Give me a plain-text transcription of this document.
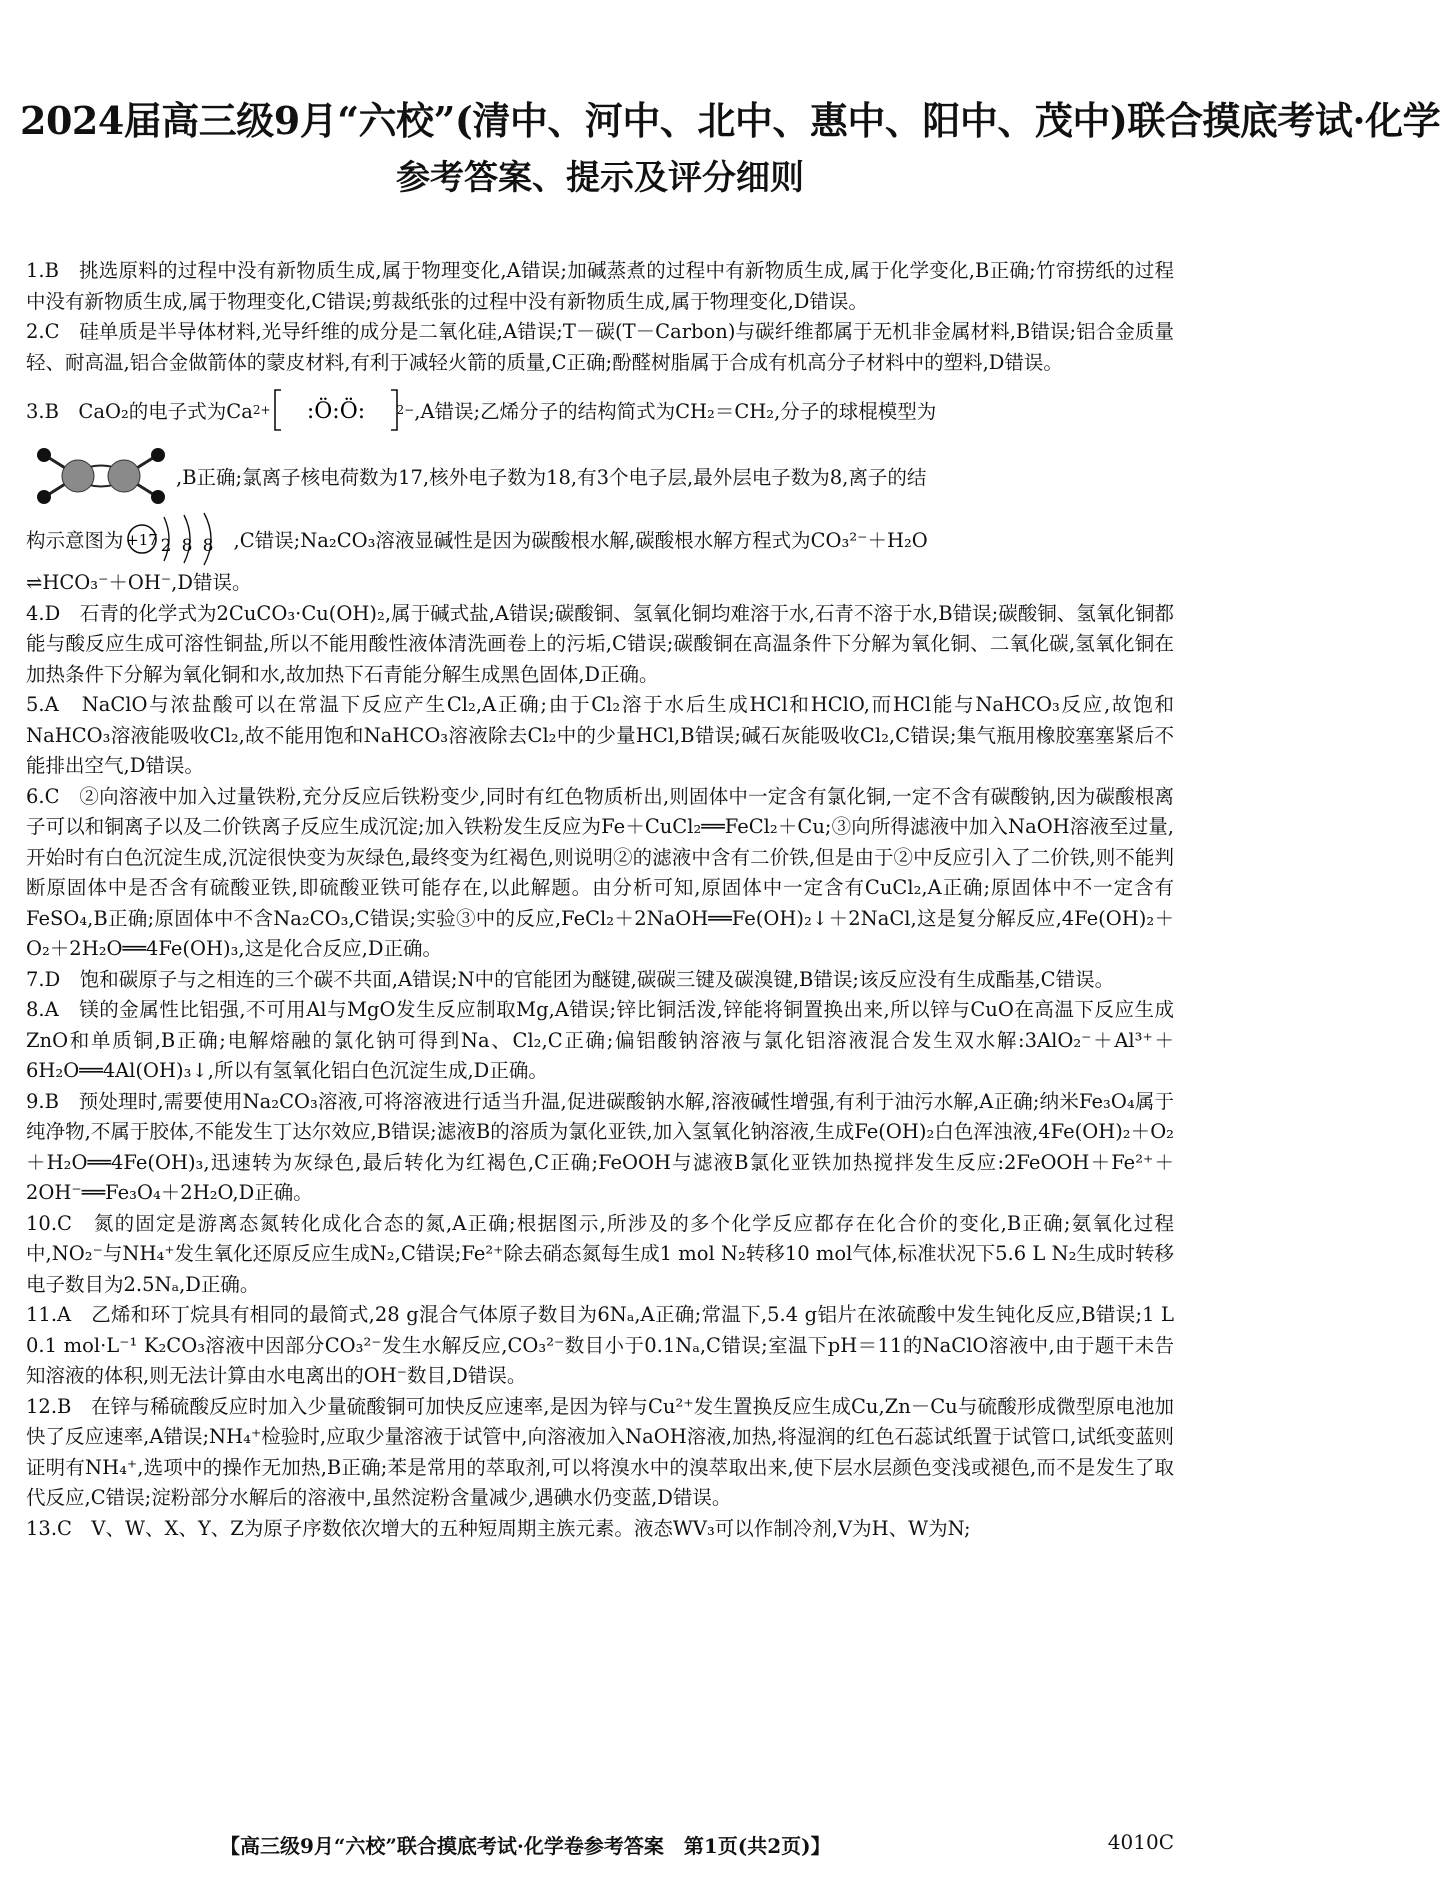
2024届高三级9月“六校”(清中、河中、北中、惠中、阳中、茂中)联合摸底考试·化学
参考答案、提示及评分细则

1.B　挑选原料的过程中没有新物质生成,属于物理变化,A错误;加碱蒸煮的过程中有新物质生成,属于化学变化,B正确;竹帘捞纸的过程中没有新物质生成,属于物理变化,C错误;剪裁纸张的过程中没有新物质生成,属于物理变化,D错误。

2.C　硅单质是半导体材料,光导纤维的成分是二氧化硅,A错误;T－碳(T－Carbon)与碳纤维都属于无机非金属材料,B错误;铝合金质量轻、耐高温,铝合金做箭体的蒙皮材料,有利于减轻火箭的质量,C正确;酚醛树脂属于合成有机高分子材料中的塑料,D错误。

3.B　CaO₂的电子式为Ca 2+ :Ö:Ö:	2− ,A错误;乙烯分子的结构简式为CH₂＝CH₂,分子的球棍模型为
,B正确;氯离子核电荷数为17,核外电子数为18,有3个电子层,最外层电子数为8,离子的结
构示意图为 +17 2 8 8 ,C错误;Na₂CO₃溶液显碱性是因为碳酸根水解,碳酸根水解方程式为CO₃²⁻＋H₂O
⇌HCO₃⁻＋OH⁻,D错误。

4.D　石青的化学式为2CuCO₃·Cu(OH)₂,属于碱式盐,A错误;碳酸铜、氢氧化铜均难溶于水,石青不溶于水,B错误;碳酸铜、氢氧化铜都能与酸反应生成可溶性铜盐,所以不能用酸性液体清洗画卷上的污垢,C错误;碳酸铜在高温条件下分解为氧化铜、二氧化碳,氢氧化铜在加热条件下分解为氧化铜和水,故加热下石青能分解生成黑色固体,D正确。

5.A　NaClO与浓盐酸可以在常温下反应产生Cl₂,A正确;由于Cl₂溶于水后生成HCl和HClO,而HCl能与NaHCO₃反应,故饱和NaHCO₃溶液能吸收Cl₂,故不能用饱和NaHCO₃溶液除去Cl₂中的少量HCl,B错误;碱石灰能吸收Cl₂,C错误;集气瓶用橡胶塞塞紧后不能排出空气,D错误。

6.C　②向溶液中加入过量铁粉,充分反应后铁粉变少,同时有红色物质析出,则固体中一定含有氯化铜,一定不含有碳酸钠,因为碳酸根离子可以和铜离子以及二价铁离子反应生成沉淀;加入铁粉发生反应为Fe＋CuCl₂══FeCl₂＋Cu;③向所得滤液中加入NaOH溶液至过量,开始时有白色沉淀生成,沉淀很快变为灰绿色,最终变为红褐色,则说明②的滤液中含有二价铁,但是由于②中反应引入了二价铁,则不能判断原固体中是否含有硫酸亚铁,即硫酸亚铁可能存在,以此解题。由分析可知,原固体中一定含有CuCl₂,A正确;原固体中不一定含有FeSO₄,B正确;原固体中不含Na₂CO₃,C错误;实验③中的反应,FeCl₂＋2NaOH══Fe(OH)₂↓＋2NaCl,这是复分解反应,4Fe(OH)₂＋O₂＋2H₂O══4Fe(OH)₃,这是化合反应,D正确。

7.D　饱和碳原子与之相连的三个碳不共面,A错误;N中的官能团为醚键,碳碳三键及碳溴键,B错误;该反应没有生成酯基,C错误。

8.A　镁的金属性比铝强,不可用Al与MgO发生反应制取Mg,A错误;锌比铜活泼,锌能将铜置换出来,所以锌与CuO在高温下反应生成ZnO和单质铜,B正确;电解熔融的氯化钠可得到Na、Cl₂,C正确;偏铝酸钠溶液与氯化铝溶液混合发生双水解:3AlO₂⁻＋Al³⁺＋6H₂O══4Al(OH)₃↓,所以有氢氧化铝白色沉淀生成,D正确。

9.B　预处理时,需要使用Na₂CO₃溶液,可将溶液进行适当升温,促进碳酸钠水解,溶液碱性增强,有利于油污水解,A正确;纳米Fe₃O₄属于纯净物,不属于胶体,不能发生丁达尔效应,B错误;滤液B的溶质为氯化亚铁,加入氢氧化钠溶液,生成Fe(OH)₂白色浑浊液,4Fe(OH)₂＋O₂＋H₂O══4Fe(OH)₃,迅速转为灰绿色,最后转化为红褐色,C正确;FeOOH与滤液B氯化亚铁加热搅拌发生反应:2FeOOH＋Fe²⁺＋2OH⁻══Fe₃O₄＋2H₂O,D正确。

10.C　氮的固定是游离态氮转化成化合态的氮,A正确;根据图示,所涉及的多个化学反应都存在化合价的变化,B正确;氨氧化过程中,NO₂⁻与NH₄⁺发生氧化还原反应生成N₂,C错误;Fe²⁺除去硝态氮每生成1 mol N₂转移10 mol气体,标准状况下5.6 L N₂生成时转移电子数目为2.5Nₐ,D正确。

11.A　乙烯和环丁烷具有相同的最简式,28 g混合气体原子数目为6Nₐ,A正确;常温下,5.4 g铝片在浓硫酸中发生钝化反应,B错误;1 L 0.1 mol·L⁻¹ K₂CO₃溶液中因部分CO₃²⁻发生水解反应,CO₃²⁻数目小于0.1Nₐ,C错误;室温下pH＝11的NaClO溶液中,由于题干未告知溶液的体积,则无法计算由水电离出的OH⁻数目,D错误。

12.B　在锌与稀硫酸反应时加入少量硫酸铜可加快反应速率,是因为锌与Cu²⁺发生置换反应生成Cu,Zn－Cu与硫酸形成微型原电池加快了反应速率,A错误;NH₄⁺检验时,应取少量溶液于试管中,向溶液加入NaOH溶液,加热,将湿润的红色石蕊试纸置于试管口,试纸变蓝则证明有NH₄⁺,选项中的操作无加热,B正确;苯是常用的萃取剂,可以将溴水中的溴萃取出来,使下层水层颜色变浅或褪色,而不是发生了取代反应,C错误;淀粉部分水解后的溶液中,虽然淀粉含量减少,遇碘水仍变蓝,D错误。

13.C　V、W、X、Y、Z为原子序数依次增大的五种短周期主族元素。液态WV₃可以作制冷剂,V为H、W为N;

【高三级9月“六校”联合摸底考试·化学卷参考答案　第1页(共2页)】	4010C
